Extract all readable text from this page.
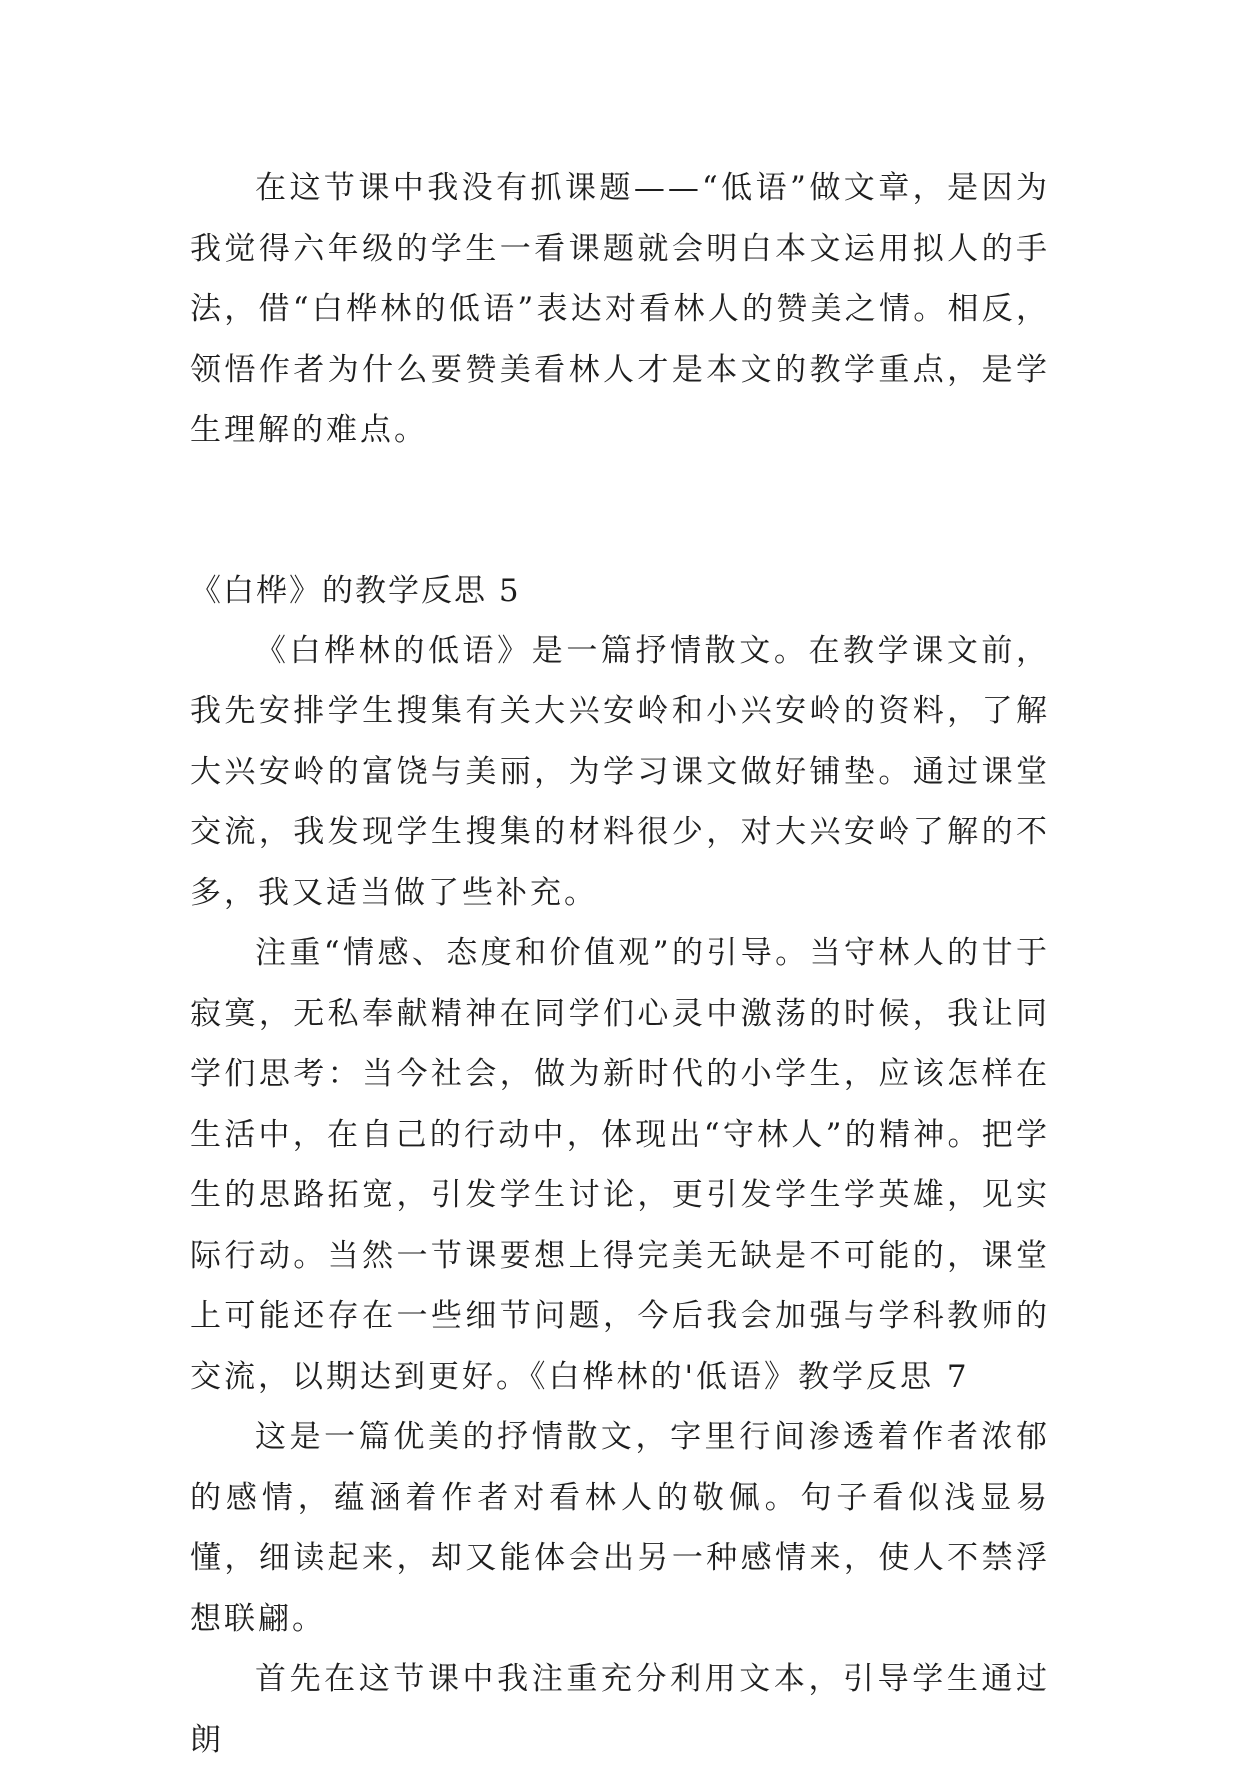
在这节课中我没有抓课题——“低语”做文章，是因为我觉得六年级的学生一看课题就会明白本文运用拟人的手法，借“白桦林的低语”表达对看林人的赞美之情。相反，领悟作者为什么要赞美看林人才是本文的教学重点，是学生理解的难点。

《白桦》的教学反思 5

《白桦林的低语》是一篇抒情散文。在教学课文前，我先安排学生搜集有关大兴安岭和小兴安岭的资料，了解大兴安岭的富饶与美丽，为学习课文做好铺垫。通过课堂交流，我发现学生搜集的材料很少，对大兴安岭了解的不多，我又适当做了些补充。

注重“情感、态度和价值观”的引导。当守林人的甘于寂寞，无私奉献精神在同学们心灵中激荡的时候，我让同学们思考：当今社会，做为新时代的小学生，应该怎样在生活中，在自己的行动中，体现出“守林人”的精神。把学生的思路拓宽，引发学生讨论，更引发学生学英雄，见实际行动。当然一节课要想上得完美无缺是不可能的，课堂上可能还存在一些细节问题，今后我会加强与学科教师的交流，以期达到更好。《白桦林的'低语》教学反思 7

这是一篇优美的抒情散文，字里行间渗透着作者浓郁的感情，蕴涵着作者对看林人的敬佩。句子看似浅显易懂，细读起来，却又能体会出另一种感情来，使人不禁浮想联翩。

首先在这节课中我注重充分利用文本，引导学生通过朗
